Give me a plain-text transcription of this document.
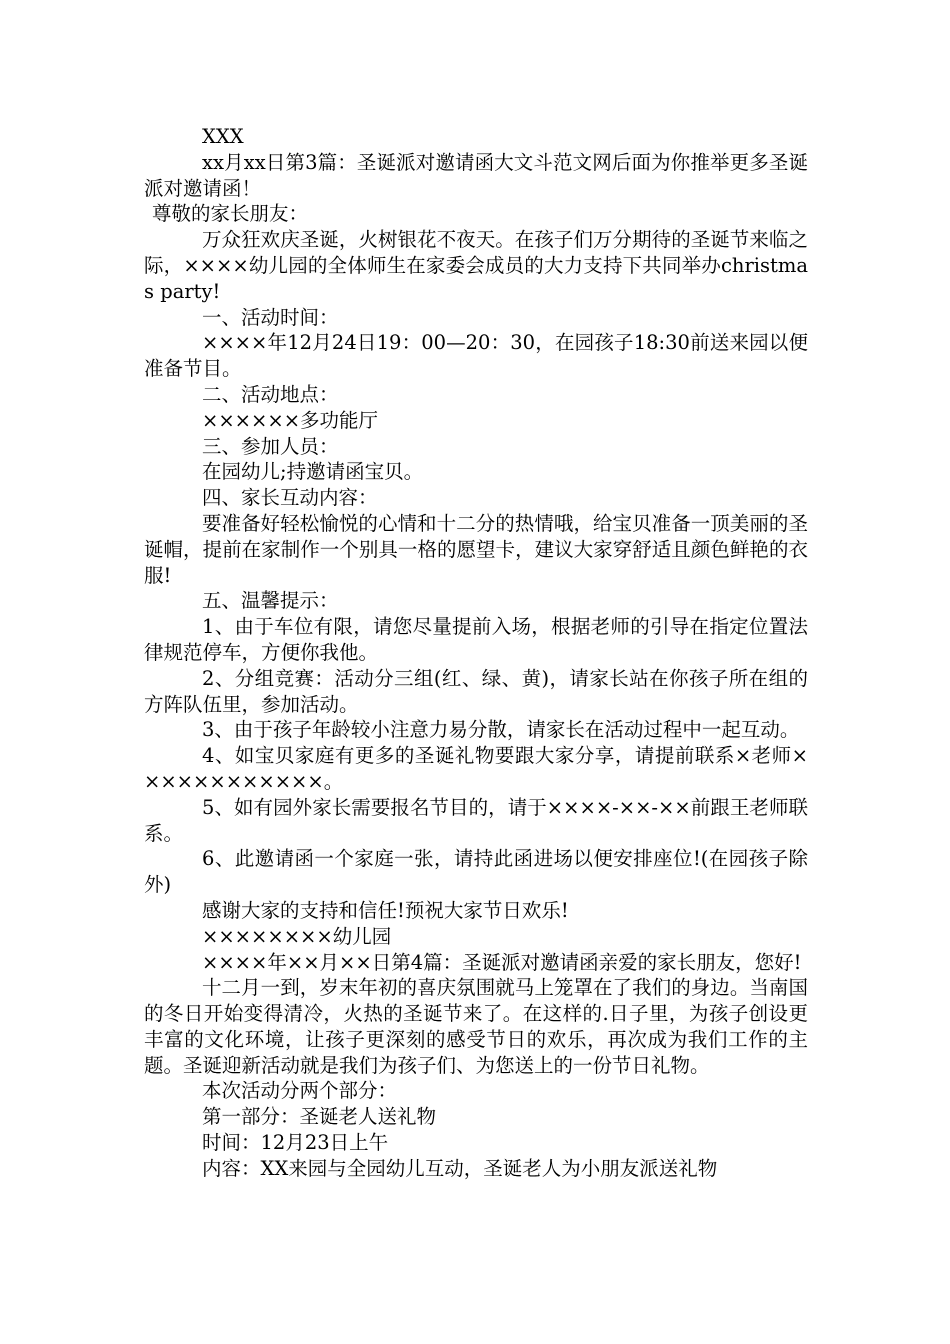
XXX

xx月xx日第3篇：圣诞派对邀请函大文斗范文网后面为你推举更多圣诞派对邀请函！

尊敬的家长朋友：

万众狂欢庆圣诞，火树银花不夜天。在孩子们万分期待的圣诞节来临之际，××××幼儿园的全体师生在家委会成员的大力支持下共同举办christmas party!

一、活动时间：

××××年12月24日19：00—20：30，在园孩子18:30前送来园以便准备节目。

二、活动地点：

××××××多功能厅

三、参加人员：

在园幼儿;持邀请函宝贝。

四、家长互动内容：

要准备好轻松愉悦的心情和十二分的热情哦，给宝贝准备一顶美丽的圣诞帽，提前在家制作一个别具一格的愿望卡，建议大家穿舒适且颜色鲜艳的衣服!

五、温馨提示：

1、由于车位有限，请您尽量提前入场，根据老师的引导在指定位置法律规范停车，方便你我他。

2、分组竞赛：活动分三组(红、绿、黄)，请家长站在你孩子所在组的方阵队伍里，参加活动。

3、由于孩子年龄较小注意力易分散，请家长在活动过程中一起互动。

4、如宝贝家庭有更多的圣诞礼物要跟大家分享，请提前联系×老师××××××××××××。

5、如有园外家长需要报名节目的，请于××××-××-××前跟王老师联系。

6、此邀请函一个家庭一张，请持此函进场以便安排座位!(在园孩子除外)

感谢大家的支持和信任!预祝大家节日欢乐!

××××××××幼儿园

××××年××月××日第4篇：圣诞派对邀请函亲爱的家长朋友，您好!

十二月一到，岁末年初的喜庆氛围就马上笼罩在了我们的身边。当南国的冬日开始变得清冷，火热的圣诞节来了。在这样的.日子里，为孩子创设更丰富的文化环境，让孩子更深刻的感受节日的欢乐，再次成为我们工作的主题。圣诞迎新活动就是我们为孩子们、为您送上的一份节日礼物。

本次活动分两个部分：

第一部分：圣诞老人送礼物

时间：12月23日上午

内容：XX来园与全园幼儿互动，圣诞老人为小朋友派送礼物
